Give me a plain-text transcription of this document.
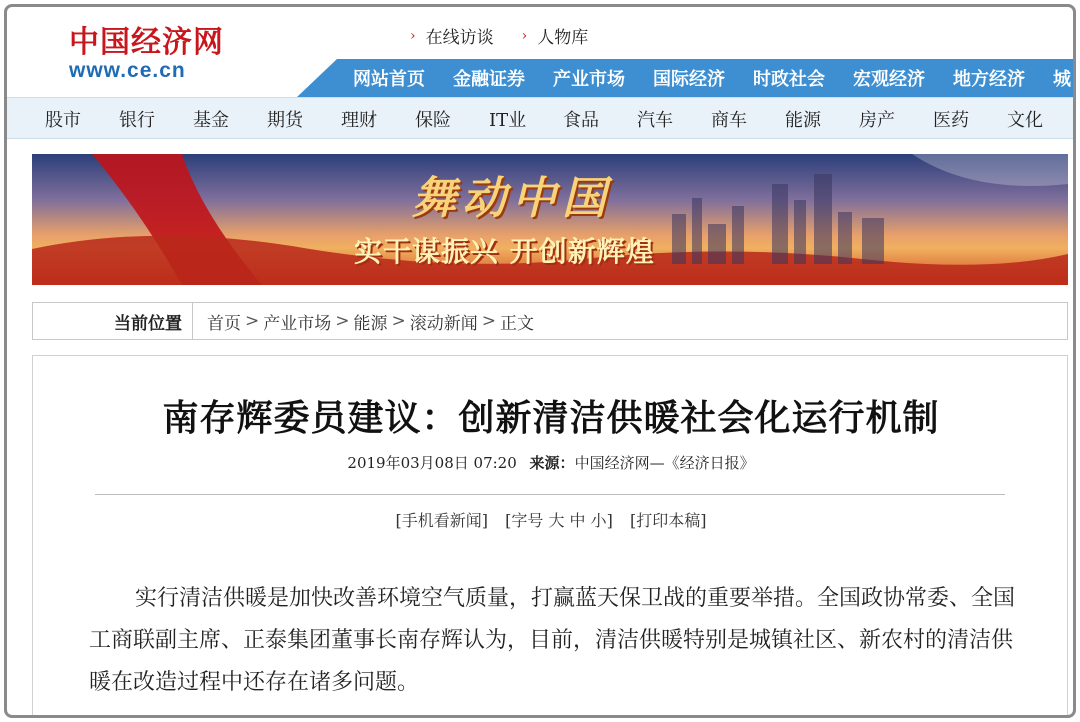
中国经济网
www.ce.cn
› 在线访谈 › 人物库
网站首页 金融证券 产业市场 国际经济 时政社会 宏观经济 地方经济 城
股市	银行	基金	期货	理财	保险	IT业	食品	汽车	商车	能源	房产	医药	文化
舞动中国
实干谋振兴 开创新辉煌
当前位置	首页 > 产业市场 > 能源 > 滚动新闻 > 正文
南存辉委员建议：创新清洁供暖社会化运行机制
2019年03月08日 07:20 来源：中国经济网—《经济日报》
[手机看新闻] [字号 大 中 小] [打印本稿]

实行清洁供暖是加快改善环境空气质量，打赢蓝天保卫战的重要举措。全国政协常委、全国工商联副主席、正泰集团董事长南存辉认为，目前，清洁供暖特别是城镇社区、新农村的清洁供暖在改造过程中还存在诸多问题。
